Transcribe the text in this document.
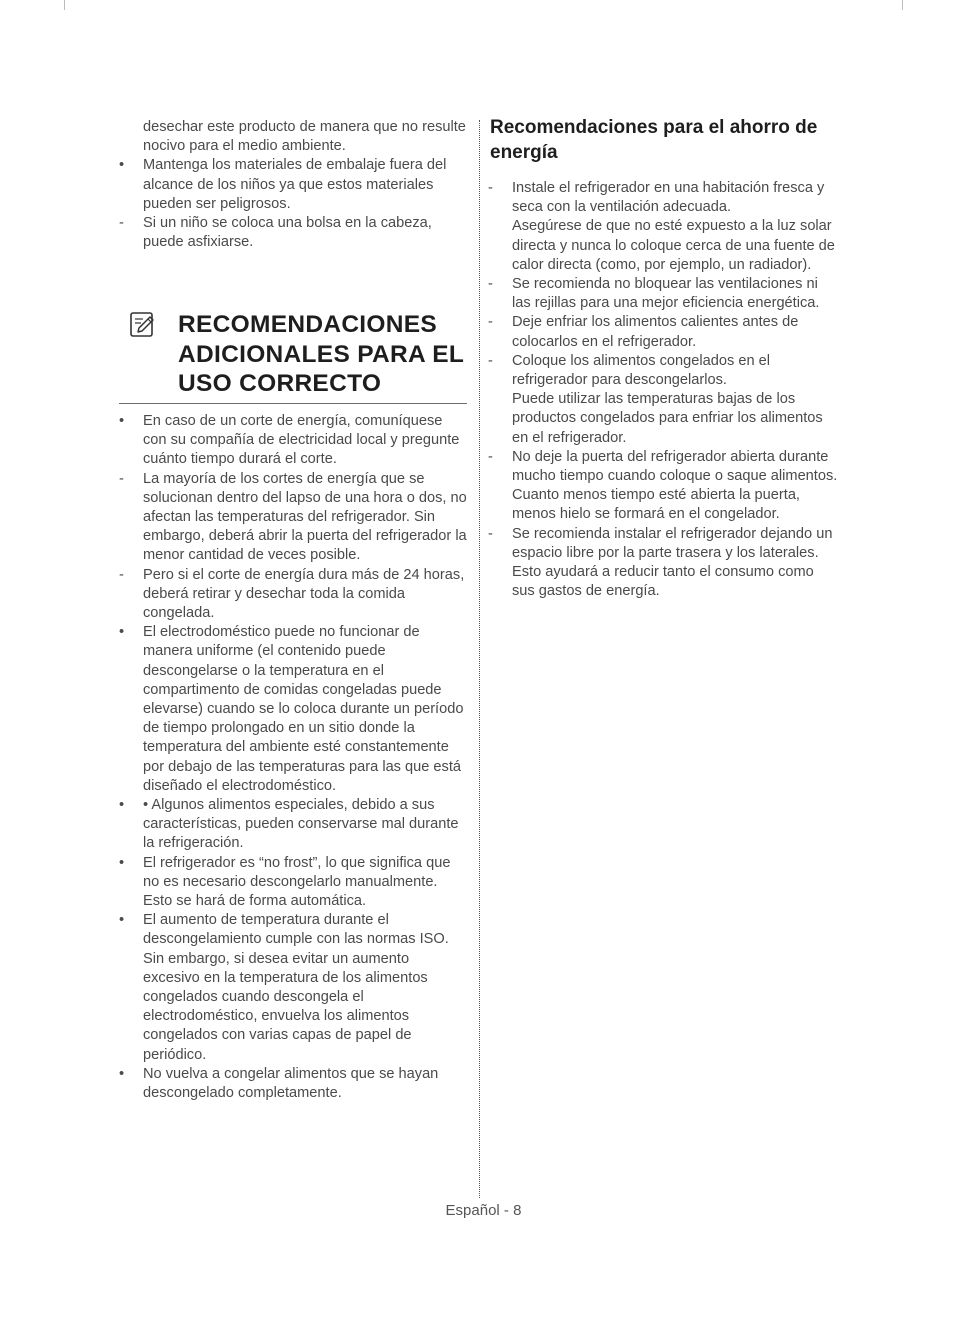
desechar este producto de manera que no resulte nocivo para el medio ambiente.
•	Mantenga los materiales de embalaje fuera del alcance de los niños ya que estos materiales pueden ser peligrosos.
-	Si un niño se coloca una bolsa en la cabeza, puede asfixiarse.
RECOMENDACIONES ADICIONALES PARA EL USO CORRECTO
•	En caso de un corte de energía, comuníquese con su compañía de electricidad local y pregunte cuánto tiempo durará el corte.
-	La mayoría de los cortes de energía que se solucionan dentro del lapso de una hora o dos, no afectan las temperaturas del refrigerador. Sin embargo, deberá abrir la puerta del refrigerador la menor cantidad de veces posible.
-	Pero si el corte de energía dura más de 24 horas, deberá retirar y desechar toda la comida congelada.
•	El electrodoméstico puede no funcionar de manera uniforme (el contenido puede descongelarse o la temperatura en el compartimento de comidas congeladas puede elevarse) cuando se lo coloca durante un período de tiempo prolongado en un sitio donde la temperatura del ambiente esté constantemente por debajo de las temperaturas para las que está diseñado el electrodoméstico.
•	• Algunos alimentos especiales, debido a sus características, pueden conservarse mal durante la refrigeración.
•	El refrigerador es “no frost”, lo que significa que no es necesario descongelarlo manualmente. Esto se hará de forma automática.
•	El aumento de temperatura durante el descongelamiento cumple con las normas ISO.
Sin embargo, si desea evitar un aumento excesivo en la temperatura de los alimentos congelados cuando descongela el electrodoméstico, envuelva los alimentos congelados con varias capas de papel de periódico.
•	No vuelva a congelar alimentos que se hayan descongelado completamente.
Recomendaciones para el ahorro de energía
-	Instale el refrigerador en una habitación fresca y seca con la ventilación adecuada.
Asegúrese de que no esté expuesto a la luz solar directa y nunca lo coloque cerca de una fuente de calor directa (como, por ejemplo, un radiador).
-	Se recomienda no bloquear las ventilaciones ni las rejillas para una mejor eficiencia energética.
-	Deje enfriar los alimentos calientes antes de colocarlos en el refrigerador.
-	Coloque los alimentos congelados en el refrigerador para descongelarlos.
Puede utilizar las temperaturas bajas de los productos congelados para enfriar los alimentos en el refrigerador.
-	No deje la puerta del refrigerador abierta durante mucho tiempo cuando coloque o saque alimentos.
Cuanto menos tiempo esté abierta la puerta, menos hielo se formará en el congelador.
-	Se recomienda instalar el refrigerador dejando un espacio libre por la parte trasera y los laterales. Esto ayudará a reducir tanto el consumo como sus gastos de energía.
Español - 8
